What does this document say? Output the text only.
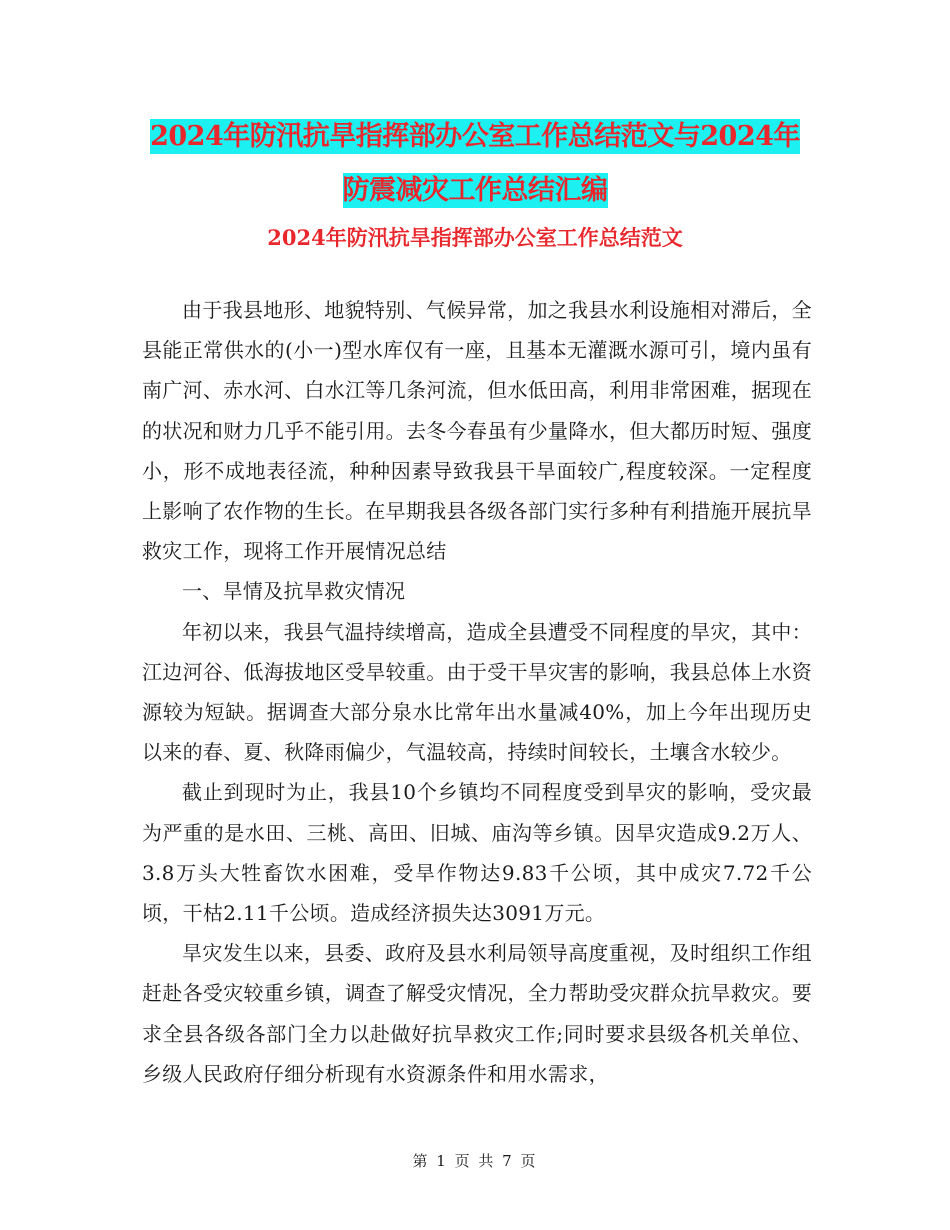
2024年防汛抗旱指挥部办公室工作总结范文与2024年
防震减灾工作总结汇编
2024年防汛抗旱指挥部办公室工作总结范文

由于我县地形、地貌特别、气候异常，加之我县水利设施相对滞后，全县能正常供水的(小一)型水库仅有一座，且基本无灌溉水源可引，境内虽有南广河、赤水河、白水江等几条河流，但水低田高，利用非常困难，据现在的状况和财力几乎不能引用。去冬今春虽有少量降水，但大都历时短、强度小，形不成地表径流，种种因素导致我县干旱面较广,程度较深。一定程度上影响了农作物的生长。在早期我县各级各部门实行多种有利措施开展抗旱救灾工作，现将工作开展情况总结

一、旱情及抗旱救灾情况

年初以来，我县气温持续增高，造成全县遭受不同程度的旱灾，其中：江边河谷、低海拔地区受旱较重。由于受干旱灾害的影响，我县总体上水资源较为短缺。据调查大部分泉水比常年出水量减40%，加上今年出现历史以来的春、夏、秋降雨偏少，气温较高，持续时间较长，土壤含水较少。

截止到现时为止，我县10个乡镇均不同程度受到旱灾的影响，受灾最为严重的是水田、三桃、高田、旧城、庙沟等乡镇。因旱灾造成9.2万人、3.8万头大牲畜饮水困难，受旱作物达9.83千公顷，其中成灾7.72千公顷，干枯2.11千公顷。造成经济损失达3091万元。

旱灾发生以来，县委、政府及县水利局领导高度重视，及时组织工作组赶赴各受灾较重乡镇，调查了解受灾情况，全力帮助受灾群众抗旱救灾。要求全县各级各部门全力以赴做好抗旱救灾工作;同时要求县级各机关单位、乡级人民政府仔细分析现有水资源条件和用水需求，

第 1 页 共 7 页
